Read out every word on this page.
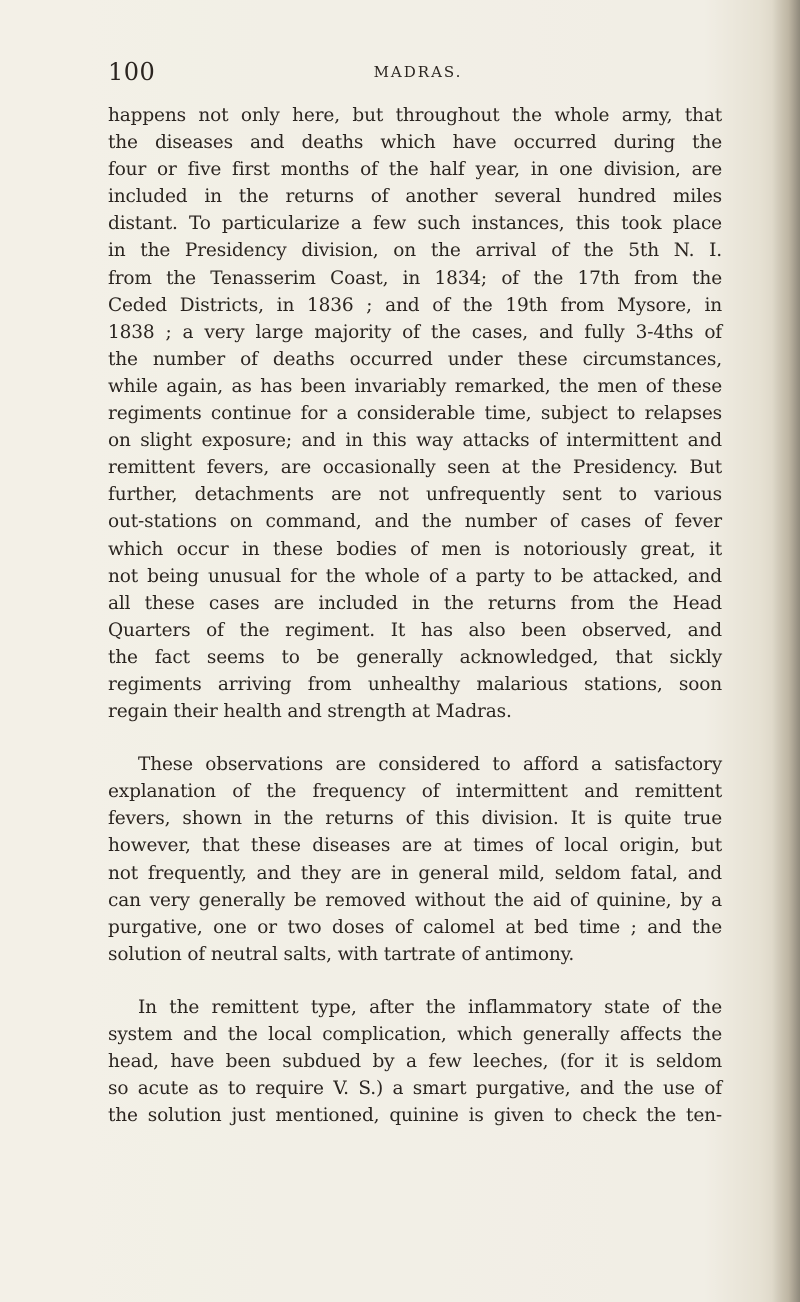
100	MADRAS.
happens not only here, but throughout the whole army, that
the diseases and deaths which have occurred during the
four or five first months of the half year, in one division, are
included in the returns of another several hundred miles
distant. To particularize a few such instances, this took place
in the Presidency division, on the arrival of the 5th N. I.
from the Tenasserim Coast, in 1834; of the 17th from the
Ceded Districts, in 1836 ; and of the 19th from Mysore, in
1838 ; a very large majority of the cases, and fully 3-4ths of
the number of deaths occurred under these circumstances,
while again, as has been invariably remarked, the men of these
regiments continue for a considerable time, subject to relapses
on slight exposure; and in this way attacks of intermittent and
remittent fevers, are occasionally seen at the Presidency. But
further, detachments are not unfrequently sent to various
out-stations on command, and the number of cases of fever
which occur in these bodies of men is notoriously great, it
not being unusual for the whole of a party to be attacked, and
all these cases are included in the returns from the Head
Quarters of the regiment. It has also been observed, and
the fact seems to be generally acknowledged, that sickly
regiments arriving from unhealthy malarious stations, soon
regain their health and strength at Madras.
These observations are considered to afford a satisfactory
explanation of the frequency of intermittent and remittent
fevers, shown in the returns of this division. It is quite true
however, that these diseases are at times of local origin, but
not frequently, and they are in general mild, seldom fatal, and
can very generally be removed without the aid of quinine, by a
purgative, one or two doses of calomel at bed time ; and the
solution of neutral salts, with tartrate of antimony.
In the remittent type, after the inflammatory state of the
system and the local complication, which generally affects the
head, have been subdued by a few leeches, (for it is seldom
so acute as to require V. S.) a smart purgative, and the use of
the solution just mentioned, quinine is given to check the ten-
